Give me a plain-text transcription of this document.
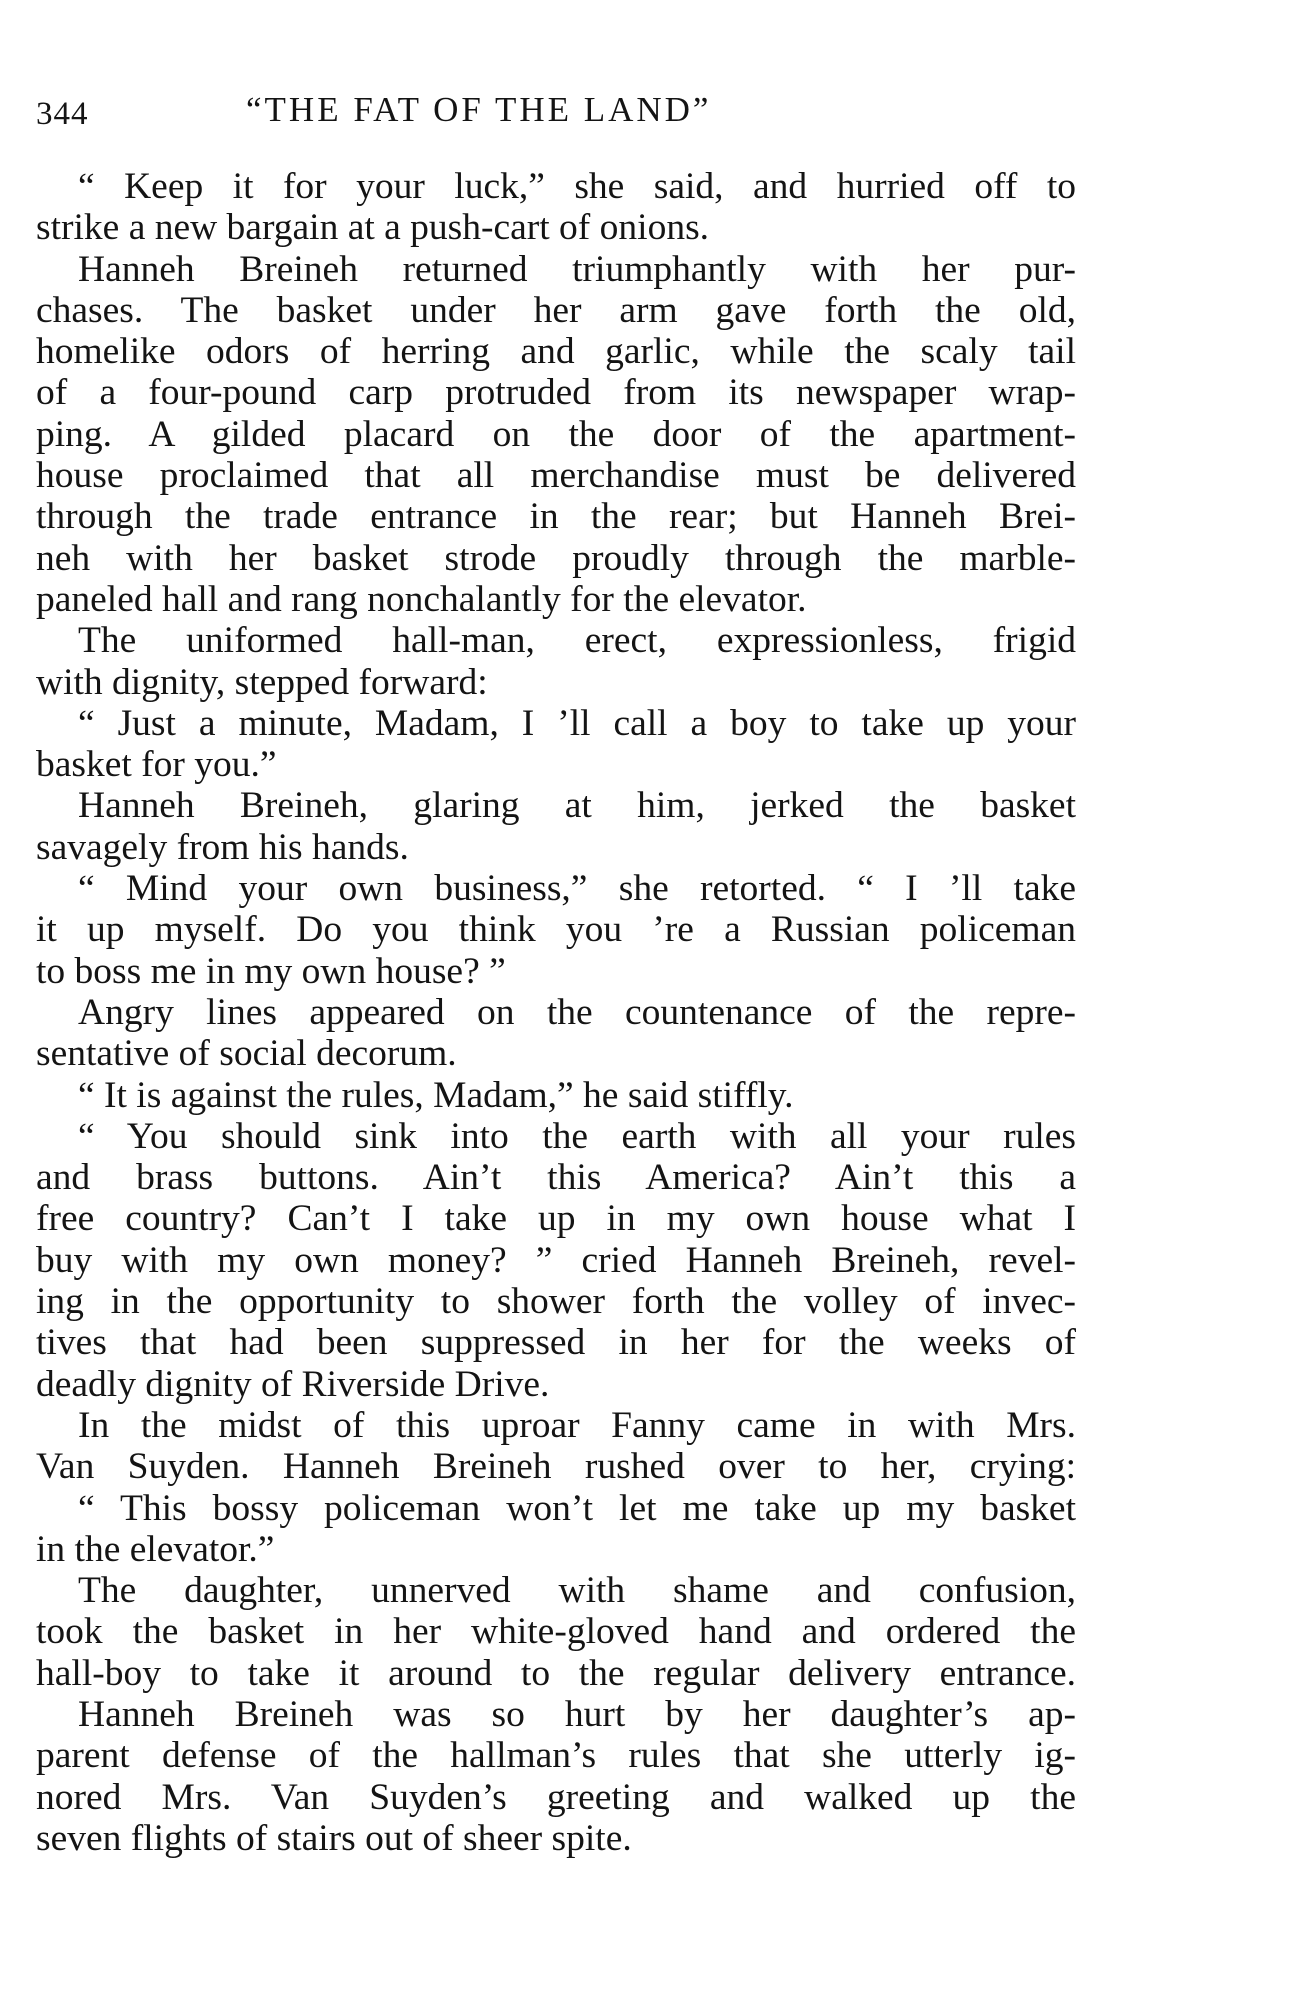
344	“THE FAT OF THE LAND”
“ Keep it for your luck,” she said, and hurried off to
strike a new bargain at a push-cart of onions.
Hanneh Breineh returned triumphantly with her pur-
chases. The basket under her arm gave forth the old,
homelike odors of herring and garlic, while the scaly tail
of a four-pound carp protruded from its newspaper wrap-
ping. A gilded placard on the door of the apartment-
house proclaimed that all merchandise must be delivered
through the trade entrance in the rear; but Hanneh Brei-
neh with her basket strode proudly through the marble-
paneled hall and rang nonchalantly for the elevator.
The uniformed hall-man, erect, expressionless, frigid
with dignity, stepped forward:
“ Just a minute, Madam, I ’ll call a boy to take up your
basket for you.”
Hanneh Breineh, glaring at him, jerked the basket
savagely from his hands.
“ Mind your own business,” she retorted. “ I ’ll take
it up myself. Do you think you ’re a Russian policeman
to boss me in my own house? ”
Angry lines appeared on the countenance of the repre-
sentative of social decorum.
“ It is against the rules, Madam,” he said stiffly.
“ You should sink into the earth with all your rules
and brass buttons. Ain’t this America? Ain’t this a
free country? Can’t I take up in my own house what I
buy with my own money? ” cried Hanneh Breineh, revel-
ing in the opportunity to shower forth the volley of invec-
tives that had been suppressed in her for the weeks of
deadly dignity of Riverside Drive.
In the midst of this uproar Fanny came in with Mrs.
Van Suyden. Hanneh Breineh rushed over to her, crying:
“ This bossy policeman won’t let me take up my basket
in the elevator.”
The daughter, unnerved with shame and confusion,
took the basket in her white-gloved hand and ordered the
hall-boy to take it around to the regular delivery entrance.
Hanneh Breineh was so hurt by her daughter’s ap-
parent defense of the hallman’s rules that she utterly ig-
nored Mrs. Van Suyden’s greeting and walked up the
seven flights of stairs out of sheer spite.
